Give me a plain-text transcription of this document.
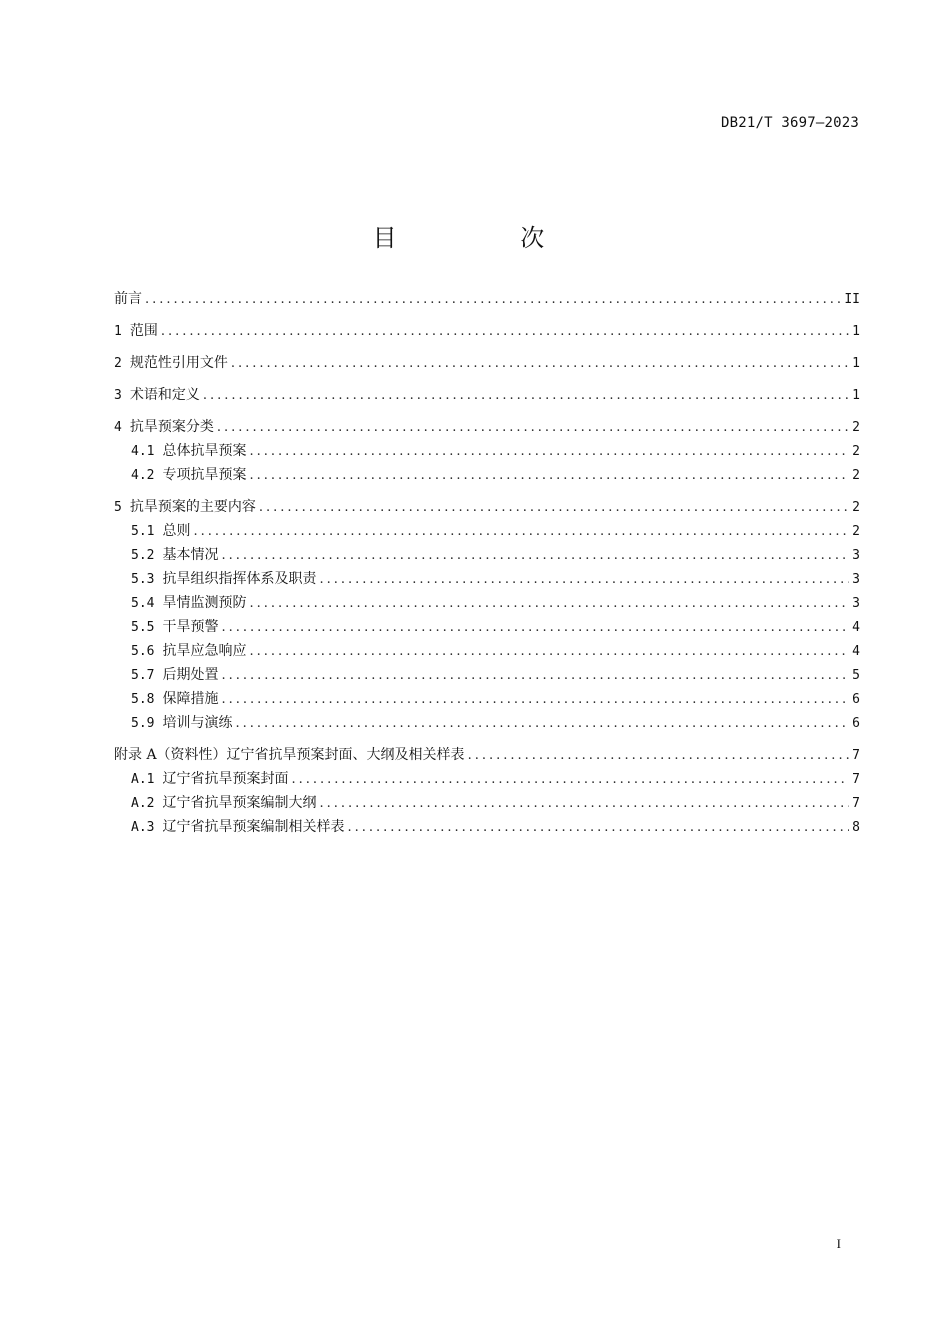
DB21/T 3697—2023
目 次
前言 .....	II
1 范围 .....	1
2 规范性引用文件 .....	1
3 术语和定义 .....	1
4 抗旱预案分类 .....	2
4.1 总体抗旱预案 .....	2
4.2 专项抗旱预案 .....	2
5 抗旱预案的主要内容 .....	2
5.1 总则 .....	2
5.2 基本情况 .....	3
5.3 抗旱组织指挥体系及职责 .....	3
5.4 旱情监测预防 .....	3
5.5 干旱预警 .....	4
5.6 抗旱应急响应 .....	4
5.7 后期处置 .....	5
5.8 保障措施 .....	6
5.9 培训与演练 .....	6
附录 A（资料性）辽宁省抗旱预案封面、大纲及相关样表 .....	7
A.1 辽宁省抗旱预案封面 .....	7
A.2 辽宁省抗旱预案编制大纲 .....	7
A.3 辽宁省抗旱预案编制相关样表 .....	8
I
